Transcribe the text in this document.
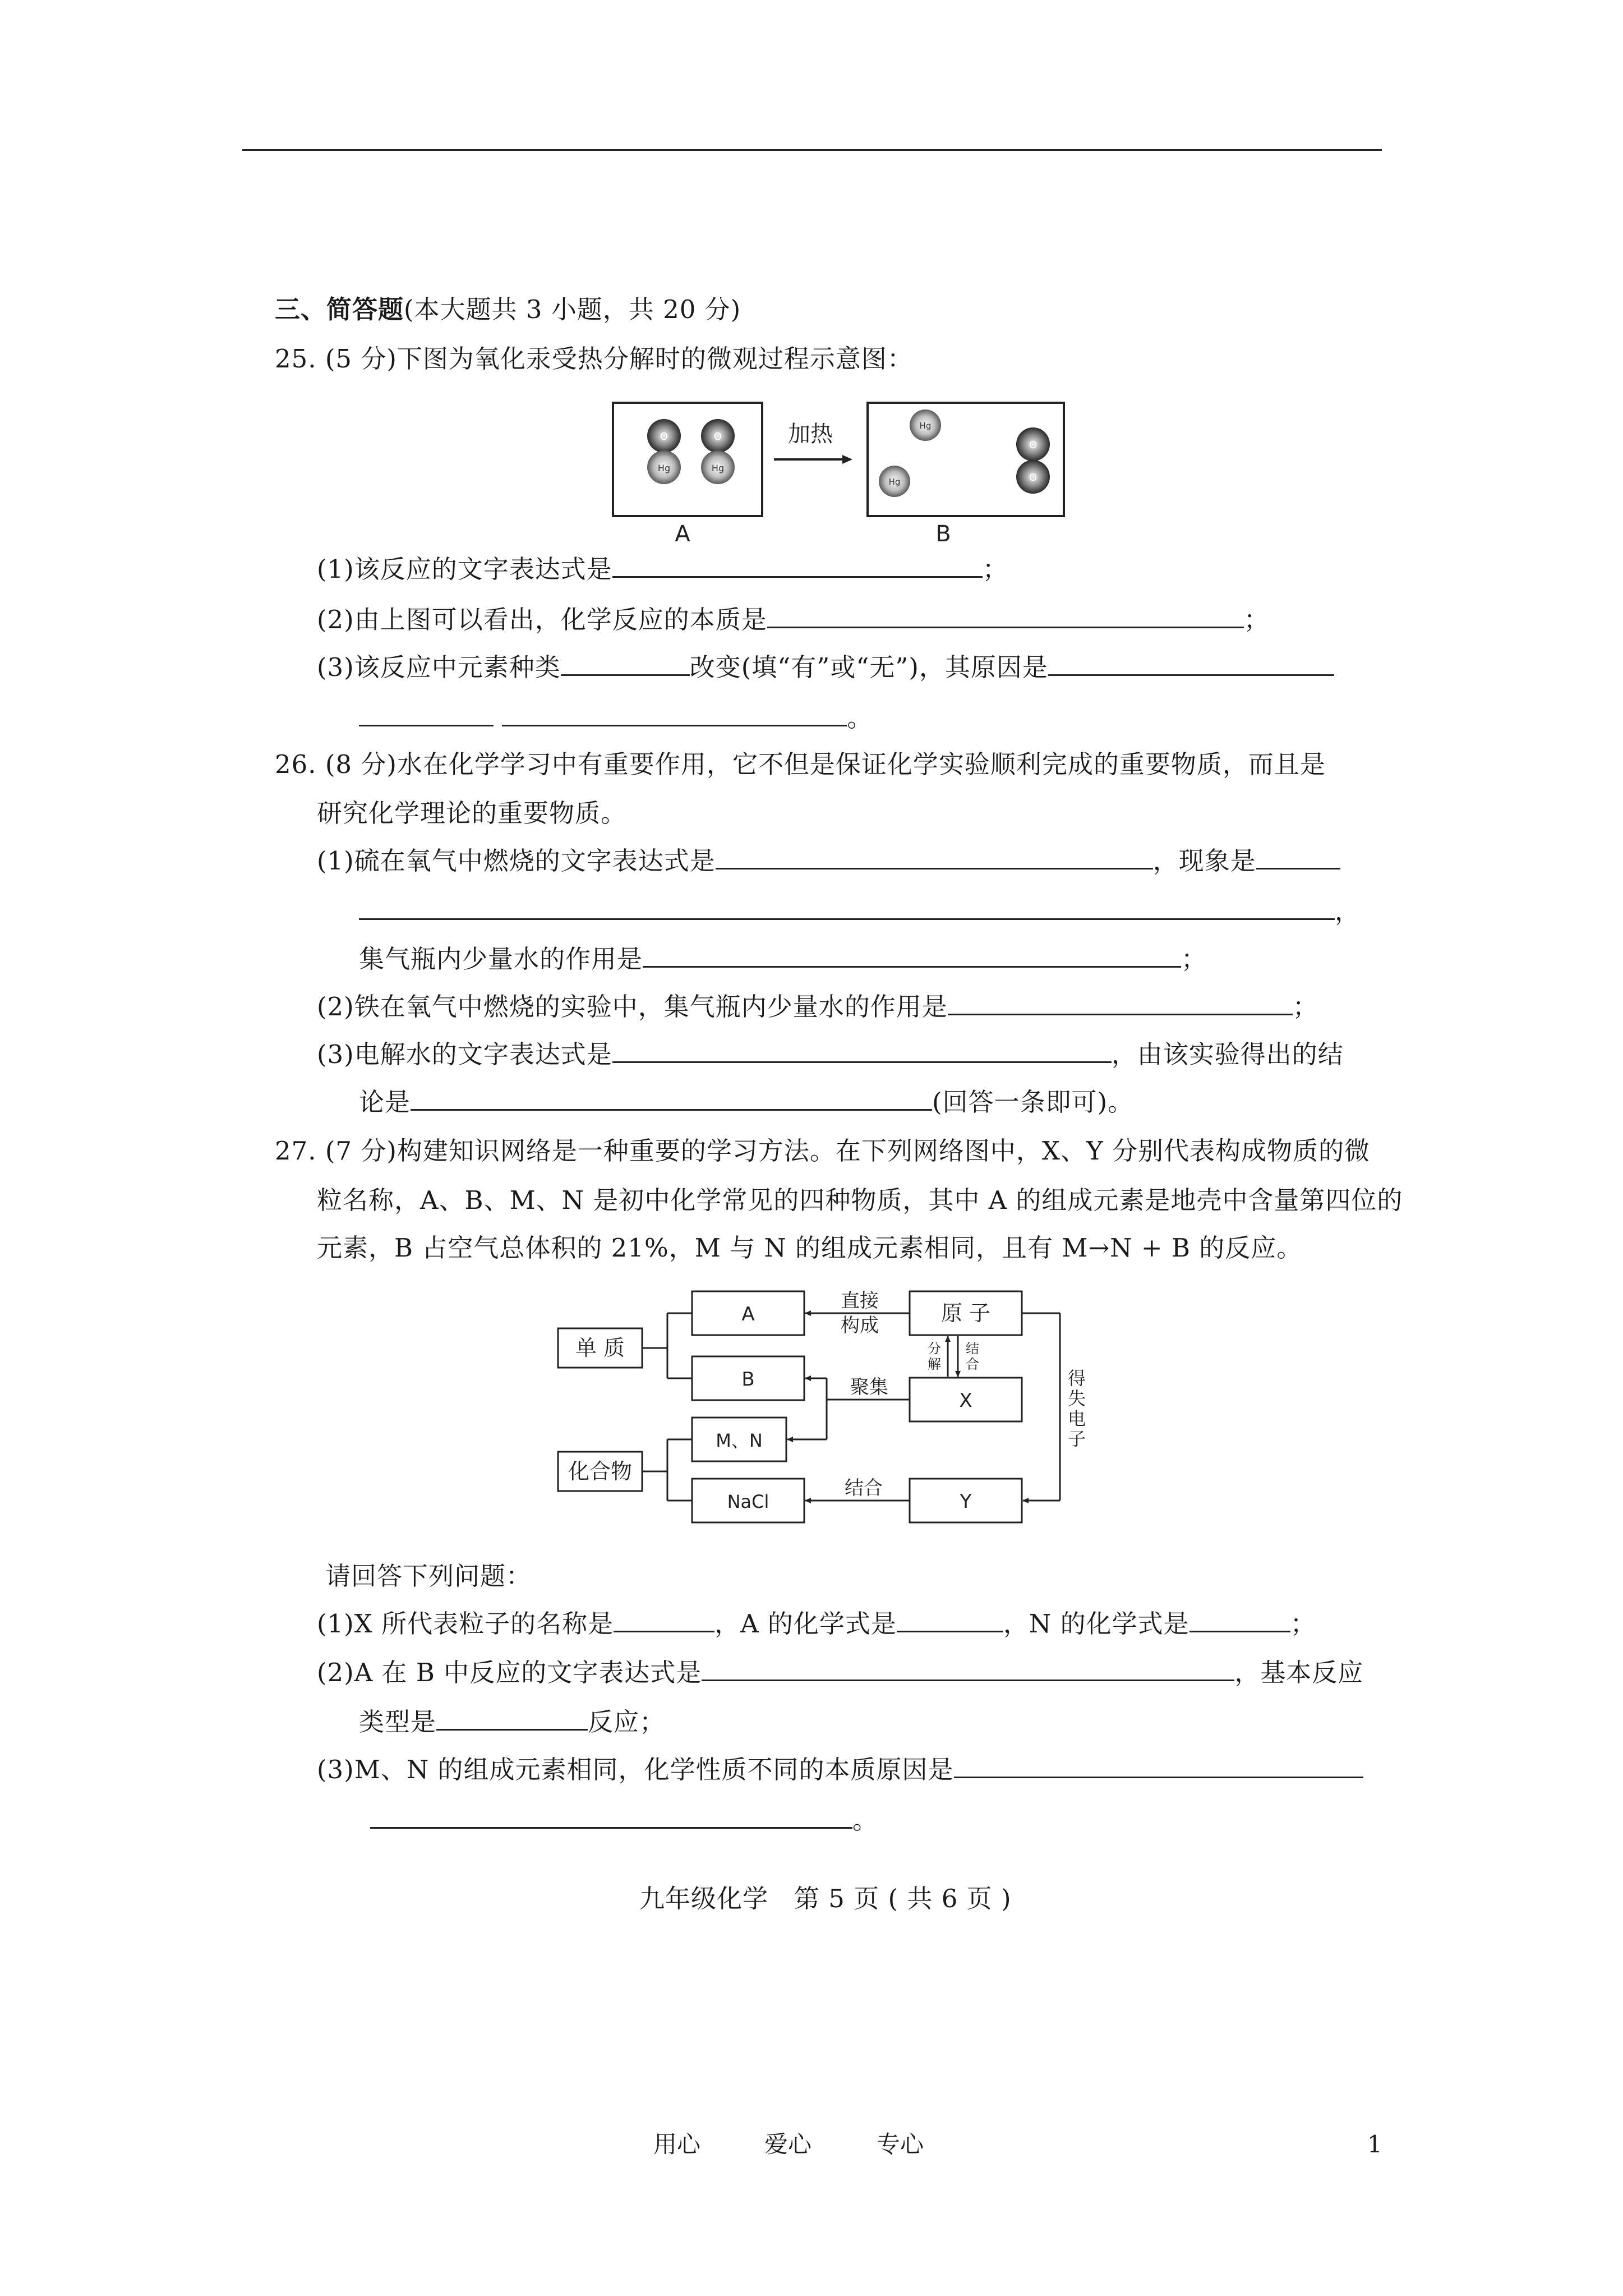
三、简答题(本大题共 3 小题，共 20 分)
25. (5 分)下图为氧化汞受热分解时的微观过程示意图：
O
Hg
O
Hg
加热	Hg
Hg
O
O
A	B
(1)该反应的文字表达式是	；
(2)由上图可以看出，化学反应的本质是	；
(3)该反应中元素种类	改变(填“有”或“无”)，其原因是
。
26. (8 分)水在化学学习中有重要作用，它不但是保证化学实验顺利完成的重要物质，而且是
研究化学理论的重要物质。
(1)硫在氧气中燃烧的文字表达式是	，现象是
，
集气瓶内少量水的作用是	；
(2)铁在氧气中燃烧的实验中，集气瓶内少量水的作用是	；
(3)电解水的文字表达式是	，由该实验得出的结
论是	(回答一条即可)。
27. (7 分)构建知识网络是一种重要的学习方法。在下列网络图中，X、Y 分别代表构成物质的微
粒名称，A、B、M、N 是初中化学常见的四种物质，其中 A 的组成元素是地壳中含量第四位的
元素，B 占空气总体积的 21%，M 与 N 的组成元素相同，且有 M→N + B 的反应。
单 质
化合物
A
B
M、N
NaCl
原 子
X
Y
直接
构成
聚集
结合
分
解
结
合
得
失
电
子
请回答下列问题：
(1)X 所代表粒子的名称是	，A 的化学式是	，N 的化学式是	；
(2)A 在 B 中反应的文字表达式是	，基本反应
类型是	反应；
(3)M、N 的组成元素相同，化学性质不同的本质原因是
。
九年级化学　第 5 页 ( 共 6 页 )
用心	爱心	专心	1
